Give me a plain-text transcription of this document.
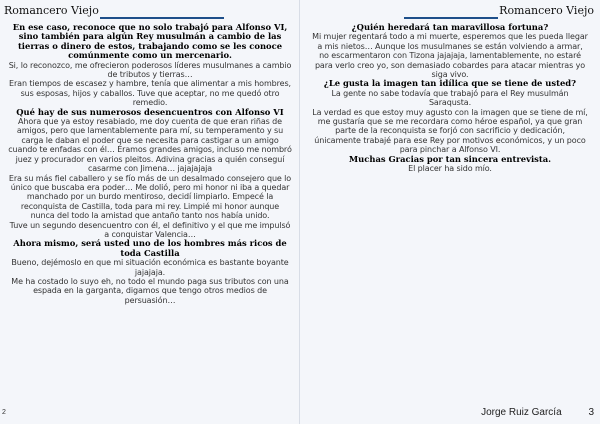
Romancero Viejo

En ese caso, reconoce que no solo trabajó para Alfonso VI, sino también para algún Rey musulmán a cambio de las tierras o dinero de estos, trabajando como se les conoce comúnmente como un mercenario.

Si, lo reconozco, me ofrecieron poderosos líderes musulmanes a cambio de tributos y tierras…

Eran tiempos de escasez y hambre, tenía que alimentar a mis hombres, sus esposas, hijos y caballos. Tuve que aceptar, no me quedó otro remedio.

Qué hay de sus numerosos desencuentros con Alfonso VI

Ahora que ya estoy resabiado, me doy cuenta de que eran riñas de amigos, pero que lamentablemente para mí, su temperamento y su carga le daban el poder que se necesita para castigar a un amigo cuando te enfadas con él… Éramos grandes amigos, incluso me nombró juez y procurador en varios pleitos. Adivina gracias a quién conseguí casarme con Jimena… jajajajaja

Era su más fiel caballero y se fío más de un desalmado consejero que lo único que buscaba era poder… Me dolió, pero mi honor ni iba a quedar manchado por un burdo mentiroso, decidí limpiarlo. Empecé la reconquista de Castilla, toda para mi rey. Limpié mi honor aunque nunca del todo la amistad que antaño tanto nos había unido.

Tuve un segundo desencuentro con él, el definitivo y el que me impulsó a conquistar Valencia…

Ahora mismo, será usted uno de los hombres más ricos de toda Castilla

Bueno, dejémoslo en que mi situación económica es bastante boyante jajajaja.

Me ha costado lo suyo eh, no todo el mundo paga sus tributos con una espada en la garganta, digamos que tengo otros medios de persuasión…

2
Romancero Viejo

¿Quién heredará tan maravillosa fortuna?

Mi mujer regentará todo a mi muerte, esperemos que les pueda llegar a mis nietos… Aunque los musulmanes se están volviendo a armar, no escarmentaron con Tizona jajajaja, lamentablemente, no estaré para verlo creo yo, son demasiado cobardes para atacar mientras yo siga vivo.

¿Le gusta la imagen tan idílica que se tiene de usted?

La gente no sabe todavía que trabajó para el Rey musulmán Saraqusta.

La verdad es que estoy muy agusto con la imagen que se tiene de mí, me gustaría que se me recordara como héroe español, ya que gran parte de la reconquista se forjó con sacrificio y dedicación, únicamente trabajé para ese Rey por motivos económicos, y un poco para pinchar a Alfonso VI.

Muchas Gracias por tan sincera entrevista.

El placer ha sido mío.

Jorge Ruiz García	3
